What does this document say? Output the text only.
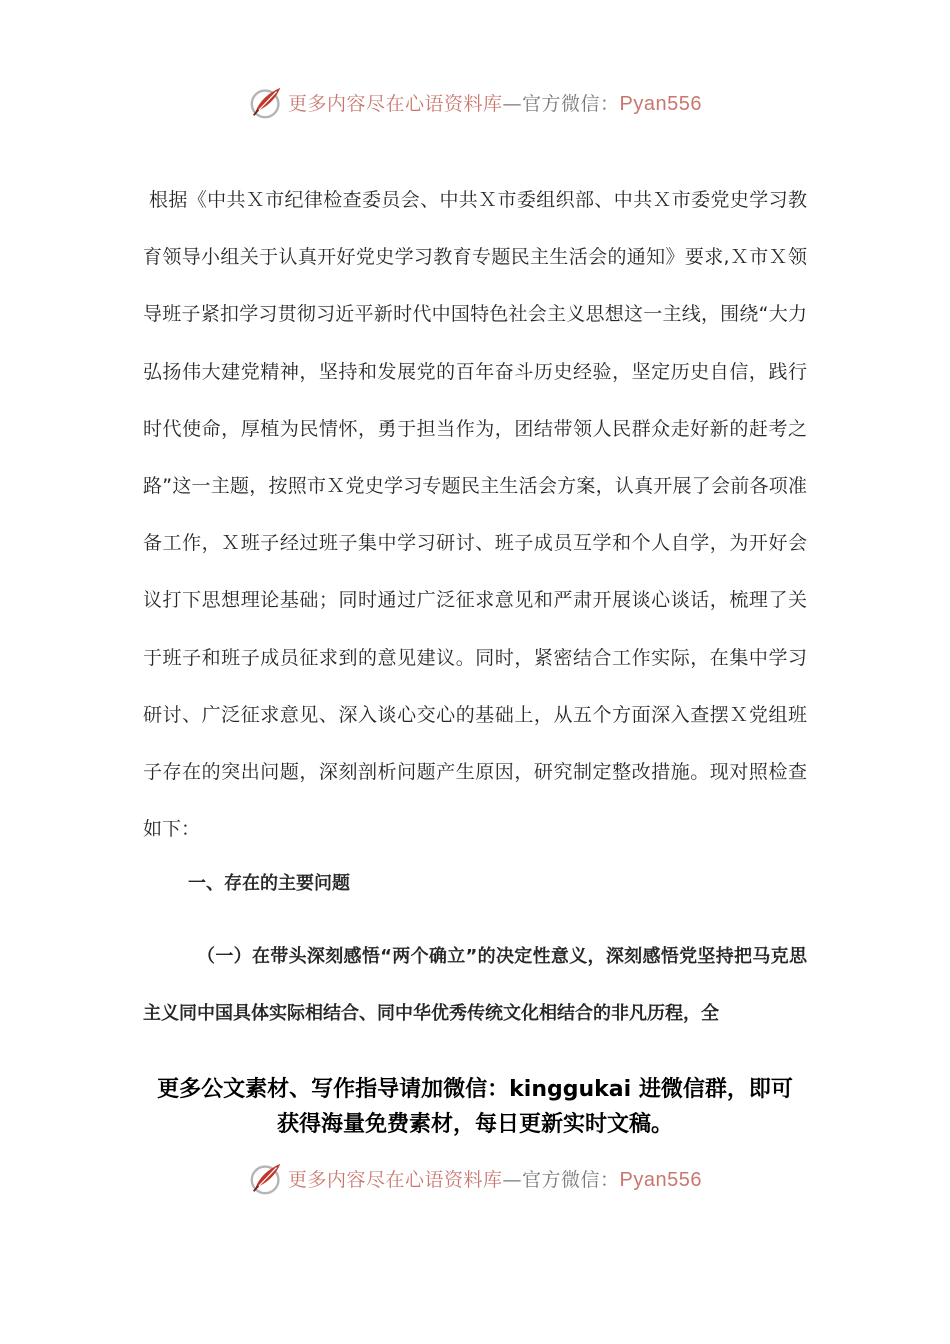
更多内容尽在心语资料库—官方微信：Pyan556
根据《中共Ｘ市纪律检查委员会、中共Ｘ市委组织部、中共Ｘ市委党史学习教育领导小组关于认真开好党史学习教育专题民主生活会的通知》要求,Ｘ市Ｘ领导班子紧扣学习贯彻习近平新时代中国特色社会主义思想这一主线，围绕“大力弘扬伟大建党精神，坚持和发展党的百年奋斗历史经验，坚定历史自信，践行时代使命，厚植为民情怀，勇于担当作为，团结带领人民群众走好新的赶考之路”这一主题，按照市Ｘ党史学习专题民主生活会方案，认真开展了会前各项准备工作，Ｘ班子经过班子集中学习研讨、班子成员互学和个人自学，为开好会议打下思想理论基础；同时通过广泛征求意见和严肃开展谈心谈话，梳理了关于班子和班子成员征求到的意见建议。同时，紧密结合工作实际，在集中学习研讨、广泛征求意见、深入谈心交心的基础上，从五个方面深入查摆Ｘ党组班子存在的突出问题，深刻剖析问题产生原因，研究制定整改措施。现对照检查如下：
一、存在的主要问题
（一）在带头深刻感悟“两个确立”的决定性意义，深刻感悟党坚持把马克思主义同中国具体实际相结合、同中华优秀传统文化相结合的非凡历程，全
更多公文素材、写作指导请加微信：kinggukai 进微信群，即可
获得海量免费素材，每日更新实时文稿。
更多内容尽在心语资料库—官方微信：Pyan556
